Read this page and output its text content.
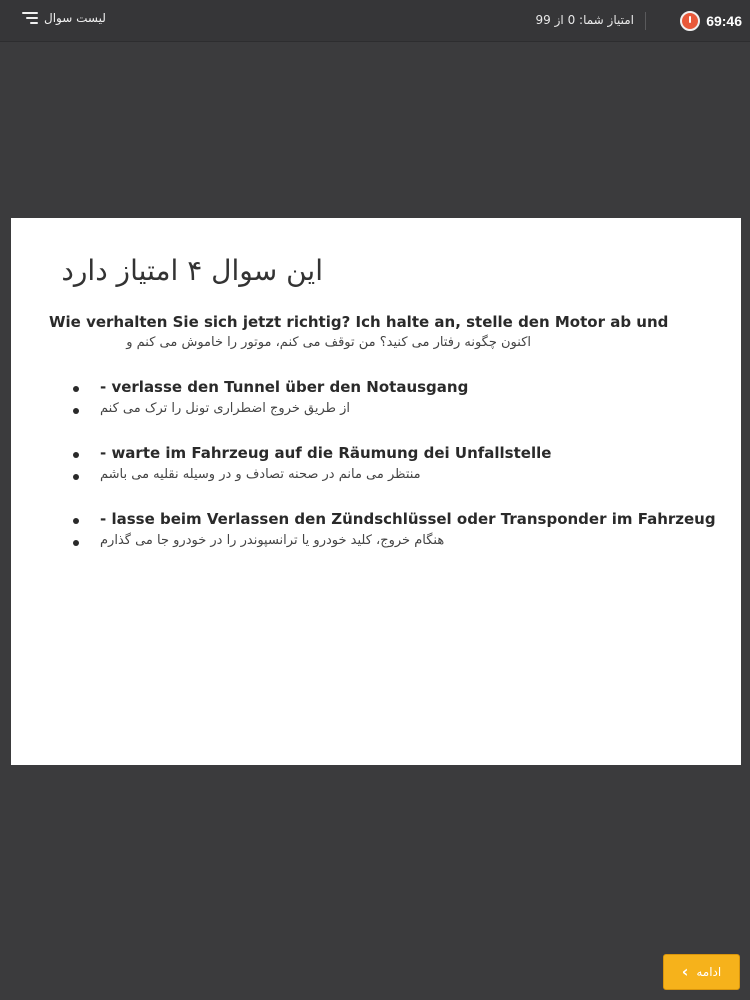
69:46
امتیاز شما: 0 از 99
لیست سوال
این سوال ۴ امتیاز دارد
Wie verhalten Sie sich jetzt richtig? Ich halte an, stelle den Motor ab und
اکنون چگونه رفتار می کنید؟ من توقف می کنم، موتور را خاموش می کنم و
- verlasse den Tunnel über den Notausgang
از طریق خروج اضطراری تونل را ترک می کنم
- warte im Fahrzeug auf die Räumung dei Unfallstelle
منتظر می مانم در صحنه تصادف و در وسیله نقلیه می باشم
- lasse beim Verlassen den Zündschlüssel oder Transponder im Fahrzeug
هنگام خروج، کلید خودرو یا ترانسپوندر را در خودرو جا می گذارم
ادامه
›
